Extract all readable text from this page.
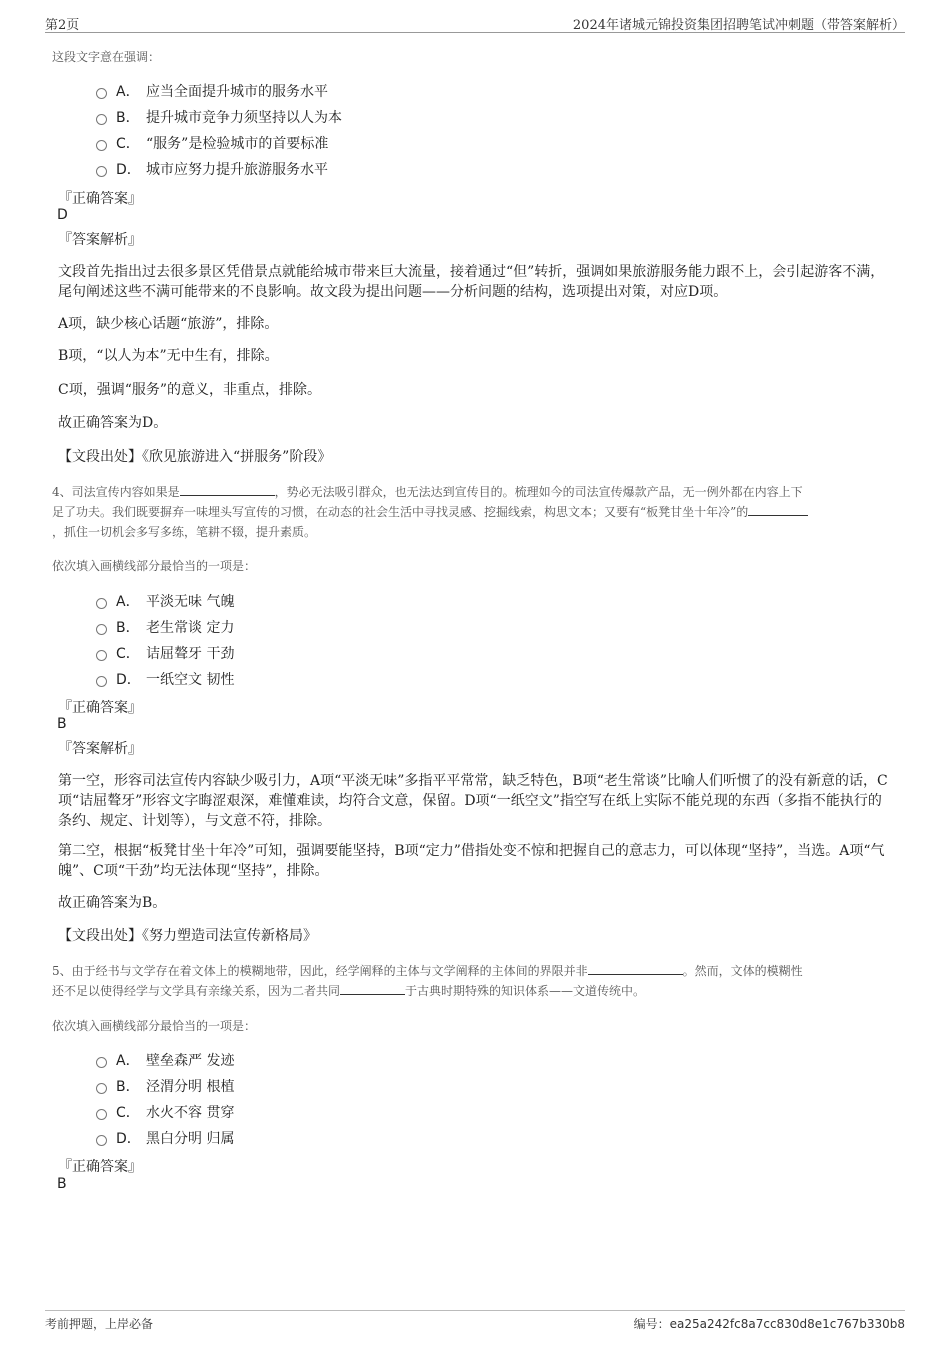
第2页	2024年诸城元锦投资集团招聘笔试冲刺题（带答案解析）
这段文字意在强调：
A． 应当全面提升城市的服务水平
B． 提升城市竞争力须坚持以人为本
C． “服务”是检验城市的首要标准
D． 城市应努力提升旅游服务水平
『正确答案』
D
『答案解析』
文段首先指出过去很多景区凭借景点就能给城市带来巨大流量，接着通过“但”转折，强调如果旅游服务能力跟不上，会引起游客不满，尾句阐述这些不满可能带来的不良影响。故文段为提出问题——分析问题的结构，选项提出对策，对应D项。
A项，缺少核心话题“旅游”，排除。
B项，“以人为本”无中生有，排除。
C项，强调“服务”的意义，非重点，排除。
故正确答案为D。
【文段出处】《欣见旅游进入“拼服务”阶段》
4、司法宣传内容如果是	，势必无法吸引群众，也无法达到宣传目的。梳理如今的司法宣传爆款产品，无一例外都在内容上下
足了功夫。我们既要摒弃一味埋头写宣传的习惯，在动态的社会生活中寻找灵感、挖掘线索，构思文本；又要有“板凳甘坐十年冷”的
，抓住一切机会多写多练，笔耕不辍，提升素质。
依次填入画横线部分最恰当的一项是：
A． 平淡无味 气魄
B． 老生常谈 定力
C． 诘屈聱牙 干劲
D． 一纸空文 韧性
『正确答案』
B
『答案解析』
第一空，形容司法宣传内容缺少吸引力，A项“平淡无味”多指平平常常，缺乏特色，B项“老生常谈”比喻人们听惯了的没有新意的话，C项“诘屈聱牙”形容文字晦涩艰深，难懂难读，均符合文意，保留。D项“一纸空文”指空写在纸上实际不能兑现的东西（多指不能执行的条约、规定、计划等），与文意不符，排除。
第二空，根据“板凳甘坐十年冷”可知，强调要能坚持，B项“定力”借指处变不惊和把握自己的意志力，可以体现“坚持”，当选。A项“气魄”、C项“干劲”均无法体现“坚持”，排除。
故正确答案为B。
【文段出处】《努力塑造司法宣传新格局》
5、由于经书与文学存在着文体上的模糊地带，因此，经学阐释的主体与文学阐释的主体间的界限并非	。然而，文体的模糊性
还不足以使得经学与文学具有亲缘关系，因为二者共同	于古典时期特殊的知识体系——文道传统中。
依次填入画横线部分最恰当的一项是：
A． 壁垒森严 发迹
B． 泾渭分明 根植
C． 水火不容 贯穿
D． 黑白分明 归属
『正确答案』
B
考前押题，上岸必备	编号：ea25a242fc8a7cc830d8e1c767b330b8
